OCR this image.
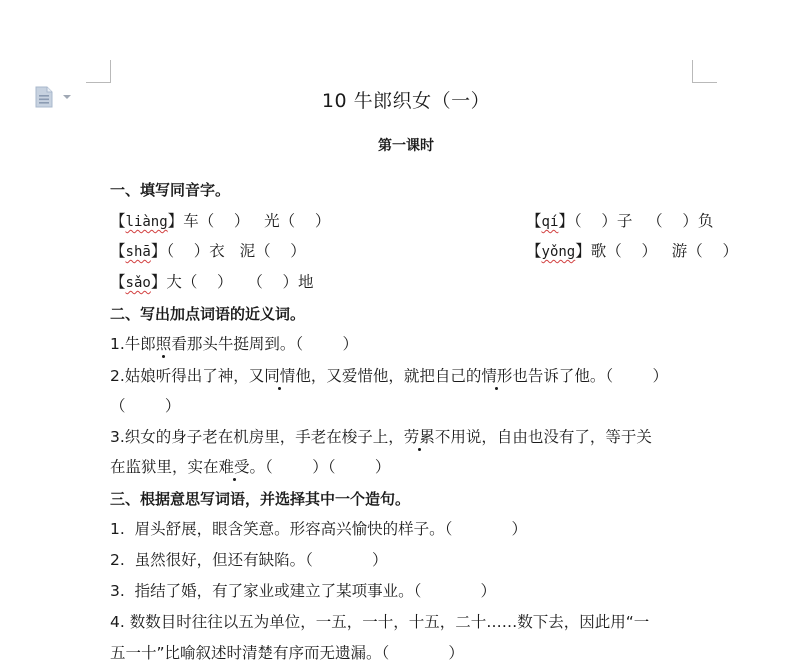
10 牛郎织女（一）
第一课时
一、填写同音字。
【liàng】车（    ）   光（    ）	【qí】（    ）子   （    ）负
【shā】（    ）衣   泥（    ）	【yǒng】歌（    ）   游（    ）
【sǎo】大（    ）   （    ）地
二、写出加点词语的近义词。
1.牛郎照看那头牛挺周到。（        ）
2.姑娘听得出了神，又同情他，又爱惜他，就把自己的情形也告诉了他。（        ）
（        ）
3.织女的身子老在机房里，手老在梭子上，劳累不用说，自由也没有了，等于关
在监狱里，实在难受。（        ）（        ）
三、根据意思写词语，并选择其中一个造句。
1.  眉头舒展，眼含笑意。形容高兴愉快的样子。（            ）
2.  虽然很好，但还有缺陷。（            ）
3.  指结了婚，有了家业或建立了某项事业。（            ）
4. 数数目时往往以五为单位，一五，一十，十五，二十……数下去，因此用“一
五一十”比喻叙述时清楚有序而无遗漏。（            ）
